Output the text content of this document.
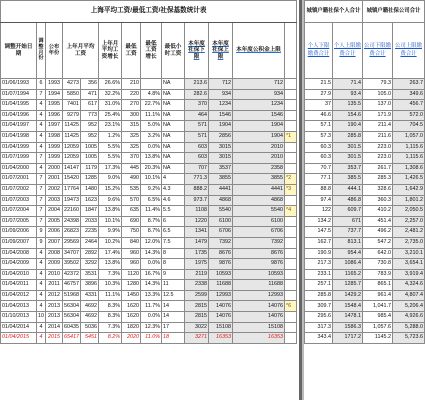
上海平均工资/最低工资/社保基数统计表												
调整开始日期	调整月份	公布年份	上年月平均工资		上年月平均工资增长	最低工资	最低工资增长	最低小时工资	本年度社保下限	本年度社保上限	本年度公积金上限	
01/06/1993	6	1993	4273	356	26.6%	210		NA	213.6	712	712	
01/07/1994	7	1994	5850	471	32.2%	220	4.8%	NA	282.6	934	934	
01/04/1995	4	1995	7401	617	31.0%	270	22.7%	NA	370	1234	1234	
01/04/1996	4	1996	9279	773	25.4%	300	11.1%	NA	464	1546	1546	
01/04/1997	4	1997	11425	952	23.1%	315	5.0%	NA	571	1904	1904	
01/04/1998	4	1998	11425	952	1.2%	325	3.2%	NA	571	2856	1904	*1
01/04/1999	4	1999	12059	1005	5.5%	325	0.0%	NA	603	3015	2010	
01/07/1999	7	1999	12059	1005	5.5%	370	13.8%	NA	603	3015	2010	
01/04/2000	4	2000	14147	1179	17.3%	445	20.3%	NA	707	3537	2358	
01/07/2001	7	2001	15420	1285	9.0%	490	10.1%	4	771.3	3855	3855	*2
01/07/2002	7	2002	17764	1480	15.2%	535	9.2%	4.3	888.2	4441	4441	*3
01/07/2003	7	2003	19473	1623	9.6%	570	6.5%	4.6	973.7	4868	4868	
01/07/2004	7	2004	22160	1847	13.8%	635	11.4%	5.5	1108	5540	5540	*4
01/07/2005	7	2005	24398	2033	10.1%	690	8.7%	6	1220	6100	6100	
01/09/2006	9	2006	26823	2235	9.9%	750	8.7%	6.5	1341	6706	6706	
01/09/2007	9	2007	29569	2464	10.2%	840	12.0%	7.5	1479	7392	7392	
01/04/2008	4	2008	34707	2892	17.4%	960	14.3%	8	1735	8676	8676	
01/04/2009	4	2009	39502	3292	13.8%	960	0.0%	8	1975	9876	9876	
01/04/2010	4	2010	42372	3531	7.3%	1120	16.7%	9	2119	10593	10593	
01/04/2011	4	2011	46757	3896	10.3%	1280	14.3%	11	2338	11688	11688	
01/04/2012	4	2012	51968	4331	11.1%	1450	13.3%	12.5	2599	12993	12993	
01/04/2013	4	2013	56304	4692	8.3%	1620	11.7%	14	2815	14076	14076	*6
01/10/2013	10	2013	56304	4692	8.3%	1620	0.0%	14	2815	14076	14076	
01/04/2014	4	2014	60435	5036	7.3%	1820	12.3%	17	3022	15108	15108	
01/04/2015	4	2015	65417	5451	8.2%	2020	11.0%	18	3271	16353	16353	
城镇户籍社保个人合计		城镇户籍社保公司合计	
个人下限缴费合计	个人上限缴费合计	公司下限缴费合计	公司上限缴费合计
21.5	71.4	79.3	263.7
27.9	93.4	105.0	349.6
37	135.5	137.0	456.7
46.6	154.6	171.9	572.0
57.1	190.4	211.4	704.5
57.3	285.8	211.6	1,057.0
60.3	301.5	223.0	1,115.6
60.3	301.5	223.0	1,115.6
70.7	353.7	261.7	1,308.6
77.1	385.5	285.3	1,426.5
88.8	444.1	328.6	1,642.9
97.4	486.8	360.3	1,801.2
122	609.7	410.2	2,050.5
134.2	671	451.4	2,257.0
147.5	737.7	496.2	2,481.2
162.7	813.1	547.2	2,735.0
190.9	954.4	642.0	3,210.1
217.3	1086.4	730.8	3,654.1
233.1	1165.2	783.9	3,919.4
257.1	1285.7	865.1	4,324.6
285.8	1429.2	961.4	4,807.4
309.7	1548.4	1,041.7	5,206.4
295.6	1478.1	985.4	4,926.6
317.3	1586.3	1,057.6	5,288.0
343.4	1717.2	1145.2	5,723.6
